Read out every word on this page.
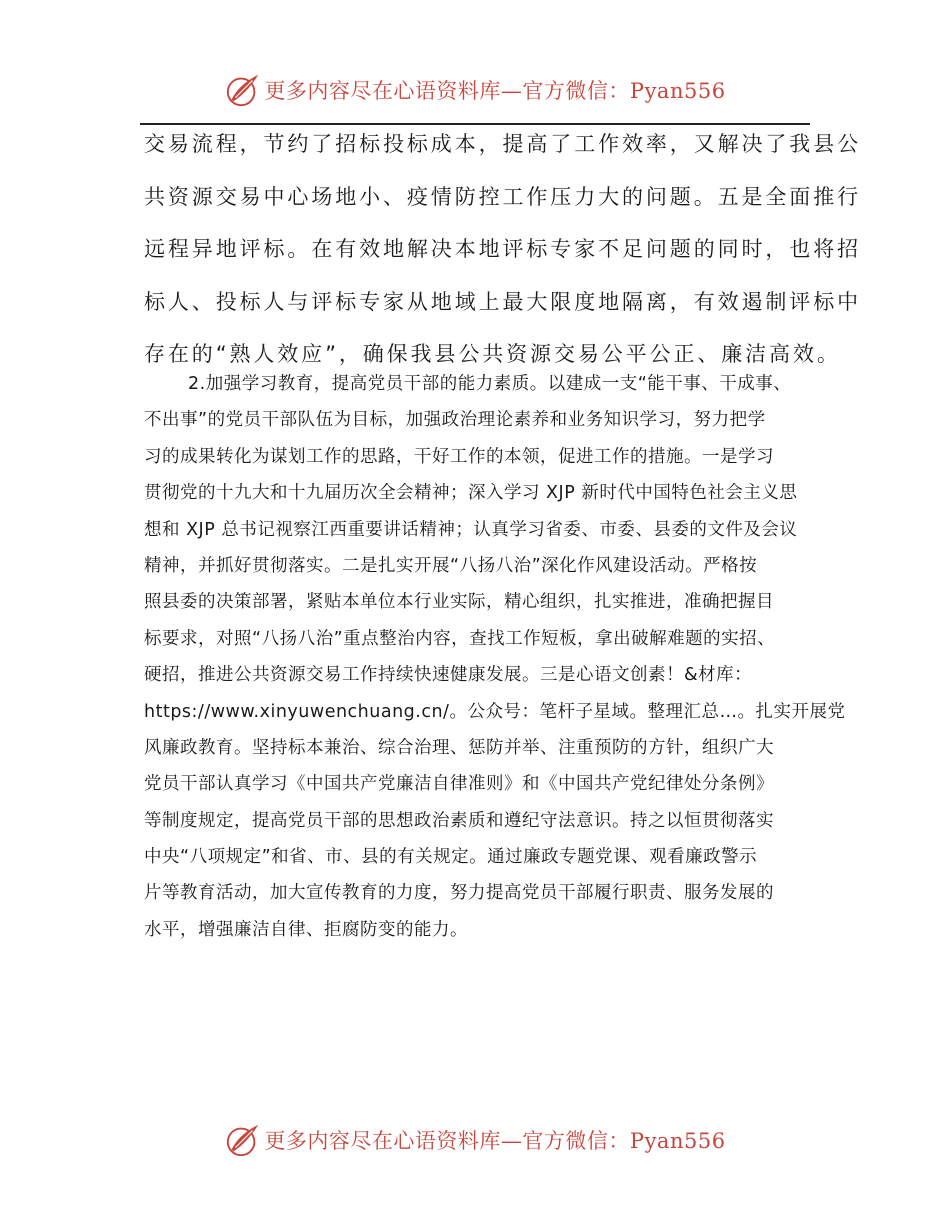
更多内容尽在心语资料库—官方微信：Pyan556
交易流程，节约了招标投标成本，提高了工作效率，又解决了我县公
共资源交易中心场地小、疫情防控工作压力大的问题。五是全面推行
远程异地评标。在有效地解决本地评标专家不足问题的同时，也将招
标人、投标人与评标专家从地域上最大限度地隔离，有效遏制评标中
存在的“熟人效应”，确保我县公共资源交易公平公正、廉洁高效。
2.加强学习教育，提高党员干部的能力素质。以建成一支“能干事、干成事、
不出事”的党员干部队伍为目标，加强政治理论素养和业务知识学习，努力把学
习的成果转化为谋划工作的思路，干好工作的本领，促进工作的措施。一是学习
贯彻党的十九大和十九届历次全会精神；深入学习 XJP 新时代中国特色社会主义思
想和 XJP 总书记视察江西重要讲话精神；认真学习省委、市委、县委的文件及会议
精神，并抓好贯彻落实。二是扎实开展“八扬八治”深化作风建设活动。严格按
照县委的决策部署，紧贴本单位本行业实际，精心组织，扎实推进，准确把握目
标要求，对照“八扬八治”重点整治内容，查找工作短板，拿出破解难题的实招、
硬招，推进公共资源交易工作持续快速健康发展。三是心语文创素！&材库：
https://www.xinyuwenchuang.cn/。公众号：笔杆子星域。整理汇总…。扎实开展党
风廉政教育。坚持标本兼治、综合治理、惩防并举、注重预防的方针，组织广大
党员干部认真学习《中国共产党廉洁自律准则》和《中国共产党纪律处分条例》
等制度规定，提高党员干部的思想政治素质和遵纪守法意识。持之以恒贯彻落实
中央“八项规定”和省、市、县的有关规定。通过廉政专题党课、观看廉政警示
片等教育活动，加大宣传教育的力度，努力提高党员干部履行职责、服务发展的
水平，增强廉洁自律、拒腐防变的能力。
更多内容尽在心语资料库—官方微信：Pyan556
